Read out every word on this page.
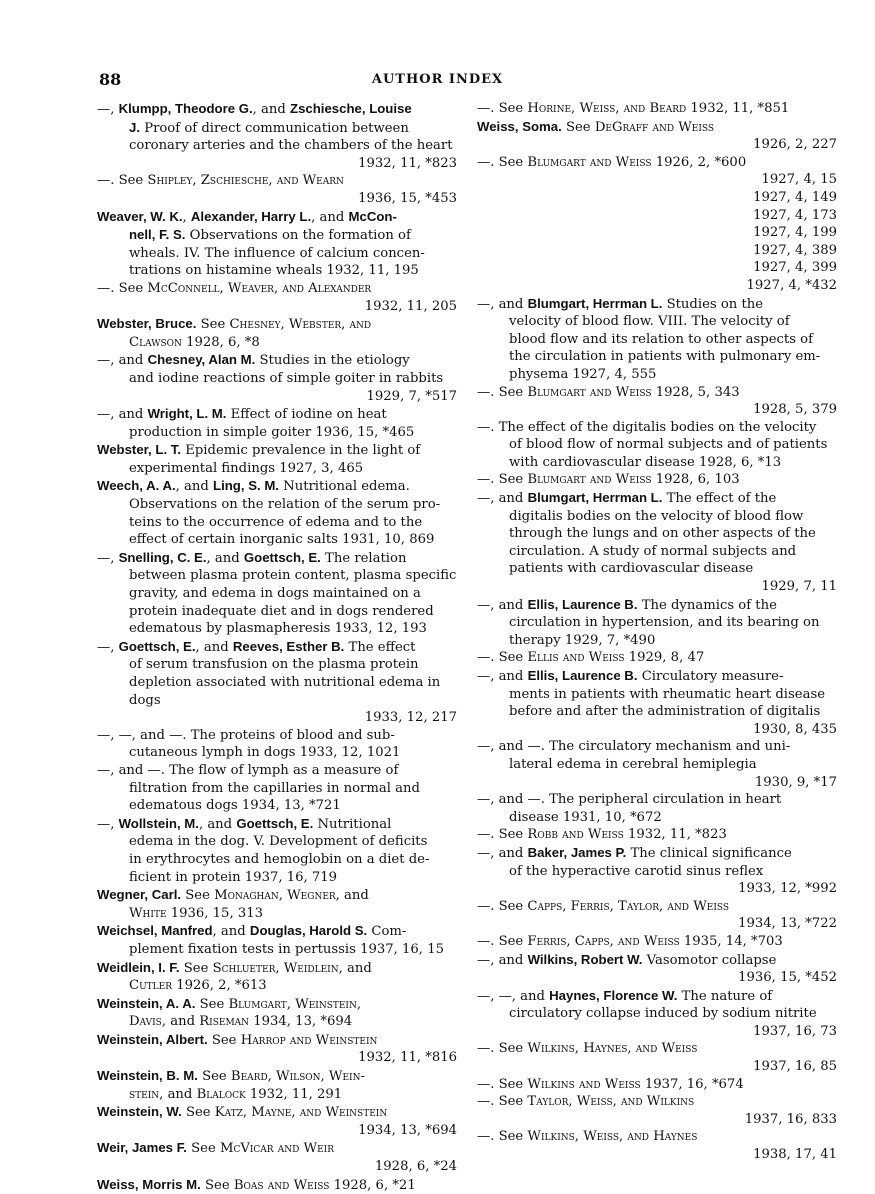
88	AUTHOR INDEX
—, Klumpp, Theodore G., and Zschiesche, Louise
J. Proof of direct communication between
coronary arteries and the chambers of the heart
1932, 11, *823
—. See Shipley, Zschiesche, and Wearn
1936, 15, *453
Weaver, W. K., Alexander, Harry L., and McCon-
nell, F. S. Observations on the formation of
wheals. IV. The influence of calcium concen-
trations on histamine wheals 1932, 11, 195
—. See McConnell, Weaver, and Alexander
1932, 11, 205
Webster, Bruce. See Chesney, Webster, and
Clawson 1928, 6, *8
—, and Chesney, Alan M. Studies in the etiology
and iodine reactions of simple goiter in rabbits
1929, 7, *517
—, and Wright, L. M. Effect of iodine on heat
production in simple goiter 1936, 15, *465
Webster, L. T. Epidemic prevalence in the light of
experimental findings 1927, 3, 465
Weech, A. A., and Ling, S. M. Nutritional edema.
Observations on the relation of the serum pro-
teins to the occurrence of edema and to the
effect of certain inorganic salts 1931, 10, 869
—, Snelling, C. E., and Goettsch, E. The relation
between plasma protein content, plasma specific
gravity, and edema in dogs maintained on a
protein inadequate diet and in dogs rendered
edematous by plasmapheresis 1933, 12, 193
—, Goettsch, E., and Reeves, Esther B. The effect
of serum transfusion on the plasma protein
depletion associated with nutritional edema in
dogs
1933, 12, 217
—, —, and —. The proteins of blood and sub-
cutaneous lymph in dogs 1933, 12, 1021
—, and —. The flow of lymph as a measure of
filtration from the capillaries in normal and
edematous dogs 1934, 13, *721
—, Wollstein, M., and Goettsch, E. Nutritional
edema in the dog. V. Development of deficits
in erythrocytes and hemoglobin on a diet de-
ficient in protein 1937, 16, 719
Wegner, Carl. See Monaghan, Wegner, and
White 1936, 15, 313
Weichsel, Manfred, and Douglas, Harold S. Com-
plement fixation tests in pertussis 1937, 16, 15
Weidlein, I. F. See Schlueter, Weidlein, and
Cutler 1926, 2, *613
Weinstein, A. A. See Blumgart, Weinstein,
Davis, and Riseman 1934, 13, *694
Weinstein, Albert. See Harrop and Weinstein
1932, 11, *816
Weinstein, B. M. See Beard, Wilson, Wein-
stein, and Blalock 1932, 11, 291
Weinstein, W. See Katz, Mayne, and Weinstein
1934, 13, *694
Weir, James F. See McVicar and Weir
1928, 6, *24
Weiss, Morris M. See Boas and Weiss 1928, 6, *21
—. See Horine, Weiss, and Beard 1932, 11, *851
Weiss, Soma. See DeGraff and Weiss
1926, 2, 227
—. See Blumgart and Weiss 1926, 2, *600
1927, 4, 15
1927, 4, 149
1927, 4, 173
1927, 4, 199
1927, 4, 389
1927, 4, 399
1927, 4, *432
—, and Blumgart, Herrman L. Studies on the
velocity of blood flow. VIII. The velocity of
blood flow and its relation to other aspects of
the circulation in patients with pulmonary em-
physema 1927, 4, 555
—. See Blumgart and Weiss 1928, 5, 343
1928, 5, 379
—. The effect of the digitalis bodies on the velocity
of blood flow of normal subjects and of patients
with cardiovascular disease 1928, 6, *13
—. See Blumgart and Weiss 1928, 6, 103
—, and Blumgart, Herrman L. The effect of the
digitalis bodies on the velocity of blood flow
through the lungs and on other aspects of the
circulation. A study of normal subjects and
patients with cardiovascular disease
1929, 7, 11
—, and Ellis, Laurence B. The dynamics of the
circulation in hypertension, and its bearing on
therapy 1929, 7, *490
—. See Ellis and Weiss 1929, 8, 47
—, and Ellis, Laurence B. Circulatory measure-
ments in patients with rheumatic heart disease
before and after the administration of digitalis
1930, 8, 435
—, and —. The circulatory mechanism and uni-
lateral edema in cerebral hemiplegia
1930, 9, *17
—, and —. The peripheral circulation in heart
disease 1931, 10, *672
—. See Robb and Weiss 1932, 11, *823
—, and Baker, James P. The clinical significance
of the hyperactive carotid sinus reflex
1933, 12, *992
—. See Capps, Ferris, Taylor, and Weiss
1934, 13, *722
—. See Ferris, Capps, and Weiss 1935, 14, *703
—, and Wilkins, Robert W. Vasomotor collapse
1936, 15, *452
—, —, and Haynes, Florence W. The nature of
circulatory collapse induced by sodium nitrite
1937, 16, 73
—. See Wilkins, Haynes, and Weiss
1937, 16, 85
—. See Wilkins and Weiss 1937, 16, *674
—. See Taylor, Weiss, and Wilkins
1937, 16, 833
—. See Wilkins, Weiss, and Haynes
1938, 17, 41
